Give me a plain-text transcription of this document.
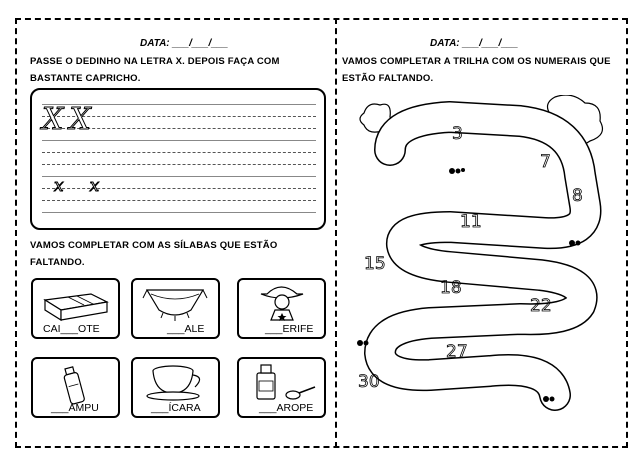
DATA: ___/___/___
PASSE O DEDINHO NA LETRA X. DEPOIS FAÇA COM BASTANTE CAPRICHO.
XX
xx
VAMOS COMPLETAR COM AS SÍLABAS QUE ESTÃO FALTANDO.
CAI___OTE	___ALE	___ERIFE
___AMPU	___ÍCARA	___AROPE
DATA: ___/___/___
VAMOS COMPLETAR A TRILHA COM OS NUMERAIS QUE ESTÃO FALTANDO.
3
7
8
11
15
18
22
27
30
